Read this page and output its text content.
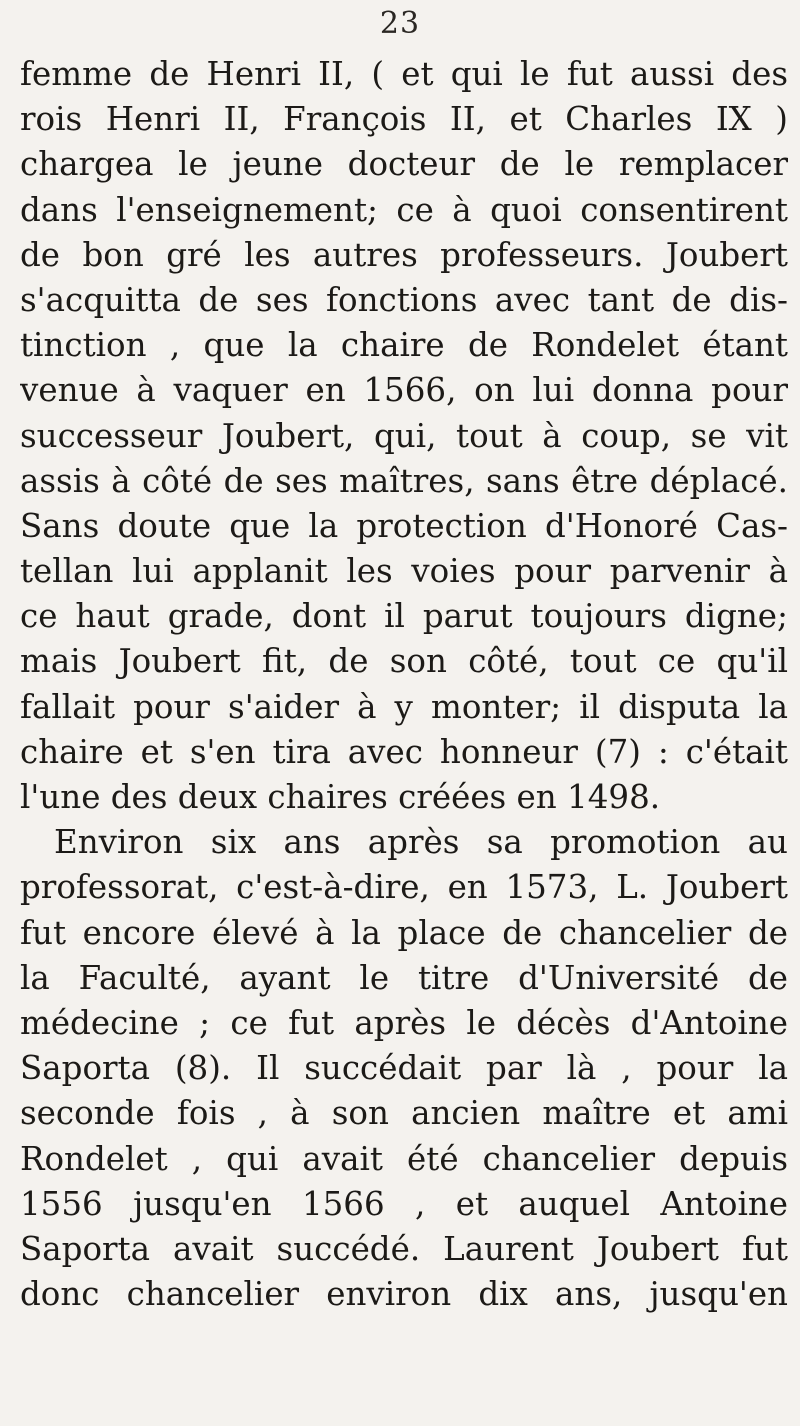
23
femme de Henri II, ( et qui le fut aussi des
rois Henri II, François II, et Charles IX )
chargea le jeune docteur de le remplacer
dans l'enseignement; ce à quoi consentirent
de bon gré les autres professeurs. Joubert
s'acquitta de ses fonctions avec tant de dis-
tinction , que la chaire de Rondelet étant
venue à vaquer en 1566, on lui donna pour
successeur Joubert, qui, tout à coup, se vit
assis à côté de ses maîtres, sans être déplacé.
Sans doute que la protection d'Honoré Cas-
tellan lui applanit les voies pour parvenir à
ce haut grade, dont il parut toujours digne;
mais Joubert fit, de son côté, tout ce qu'il
fallait pour s'aider à y monter; il disputa la
chaire et s'en tira avec honneur (7) : c'était
l'une des deux chaires créées en 1498.
Environ six ans après sa promotion au
professorat, c'est-à-dire, en 1573, L. Joubert
fut encore élevé à la place de chancelier de
la Faculté, ayant le titre d'Université de
médecine ; ce fut après le décès d'Antoine
Saporta (8). Il succédait par là , pour la
seconde fois , à son ancien maître et ami
Rondelet , qui avait été chancelier depuis
1556 jusqu'en 1566 , et auquel Antoine
Saporta avait succédé. Laurent Joubert fut
donc chancelier environ dix ans, jusqu'en
